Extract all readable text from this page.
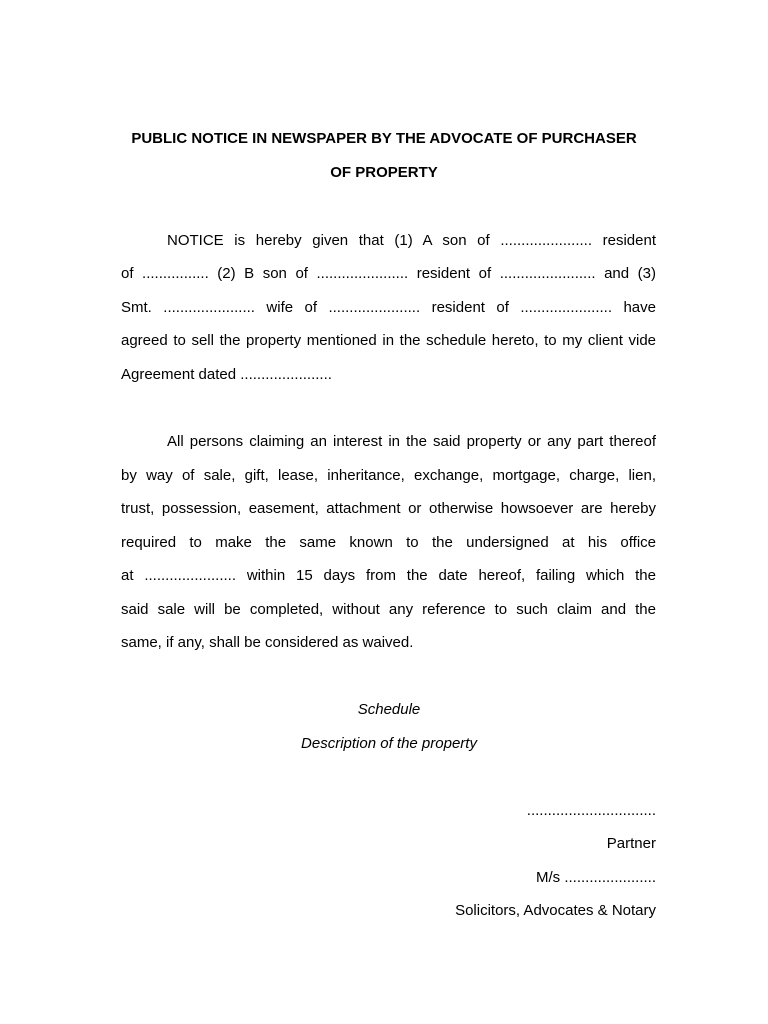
PUBLIC NOTICE IN NEWSPAPER BY THE ADVOCATE OF PURCHASER
OF PROPERTY
NOTICE is hereby given that (1) A son of ...................... resident
of ................ (2) B son of ...................... resident of ....................... and (3)
Smt. ...................... wife of ...................... resident of ...................... have
agreed to sell the property mentioned in the schedule hereto, to my client vide
Agreement dated ......................
All persons claiming an interest in the said property or any part thereof
by way of sale, gift, lease, inheritance, exchange, mortgage, charge, lien,
trust, possession, easement, attachment or otherwise howsoever are hereby
required to make the same known to the undersigned at his office
at ...................... within 15 days from the date hereof, failing which the
said sale will be completed, without any reference to such claim and the
same, if any, shall be considered as waived.
Schedule
Description of the property
...............................
Partner
M/s ......................
Solicitors, Advocates & Notary
